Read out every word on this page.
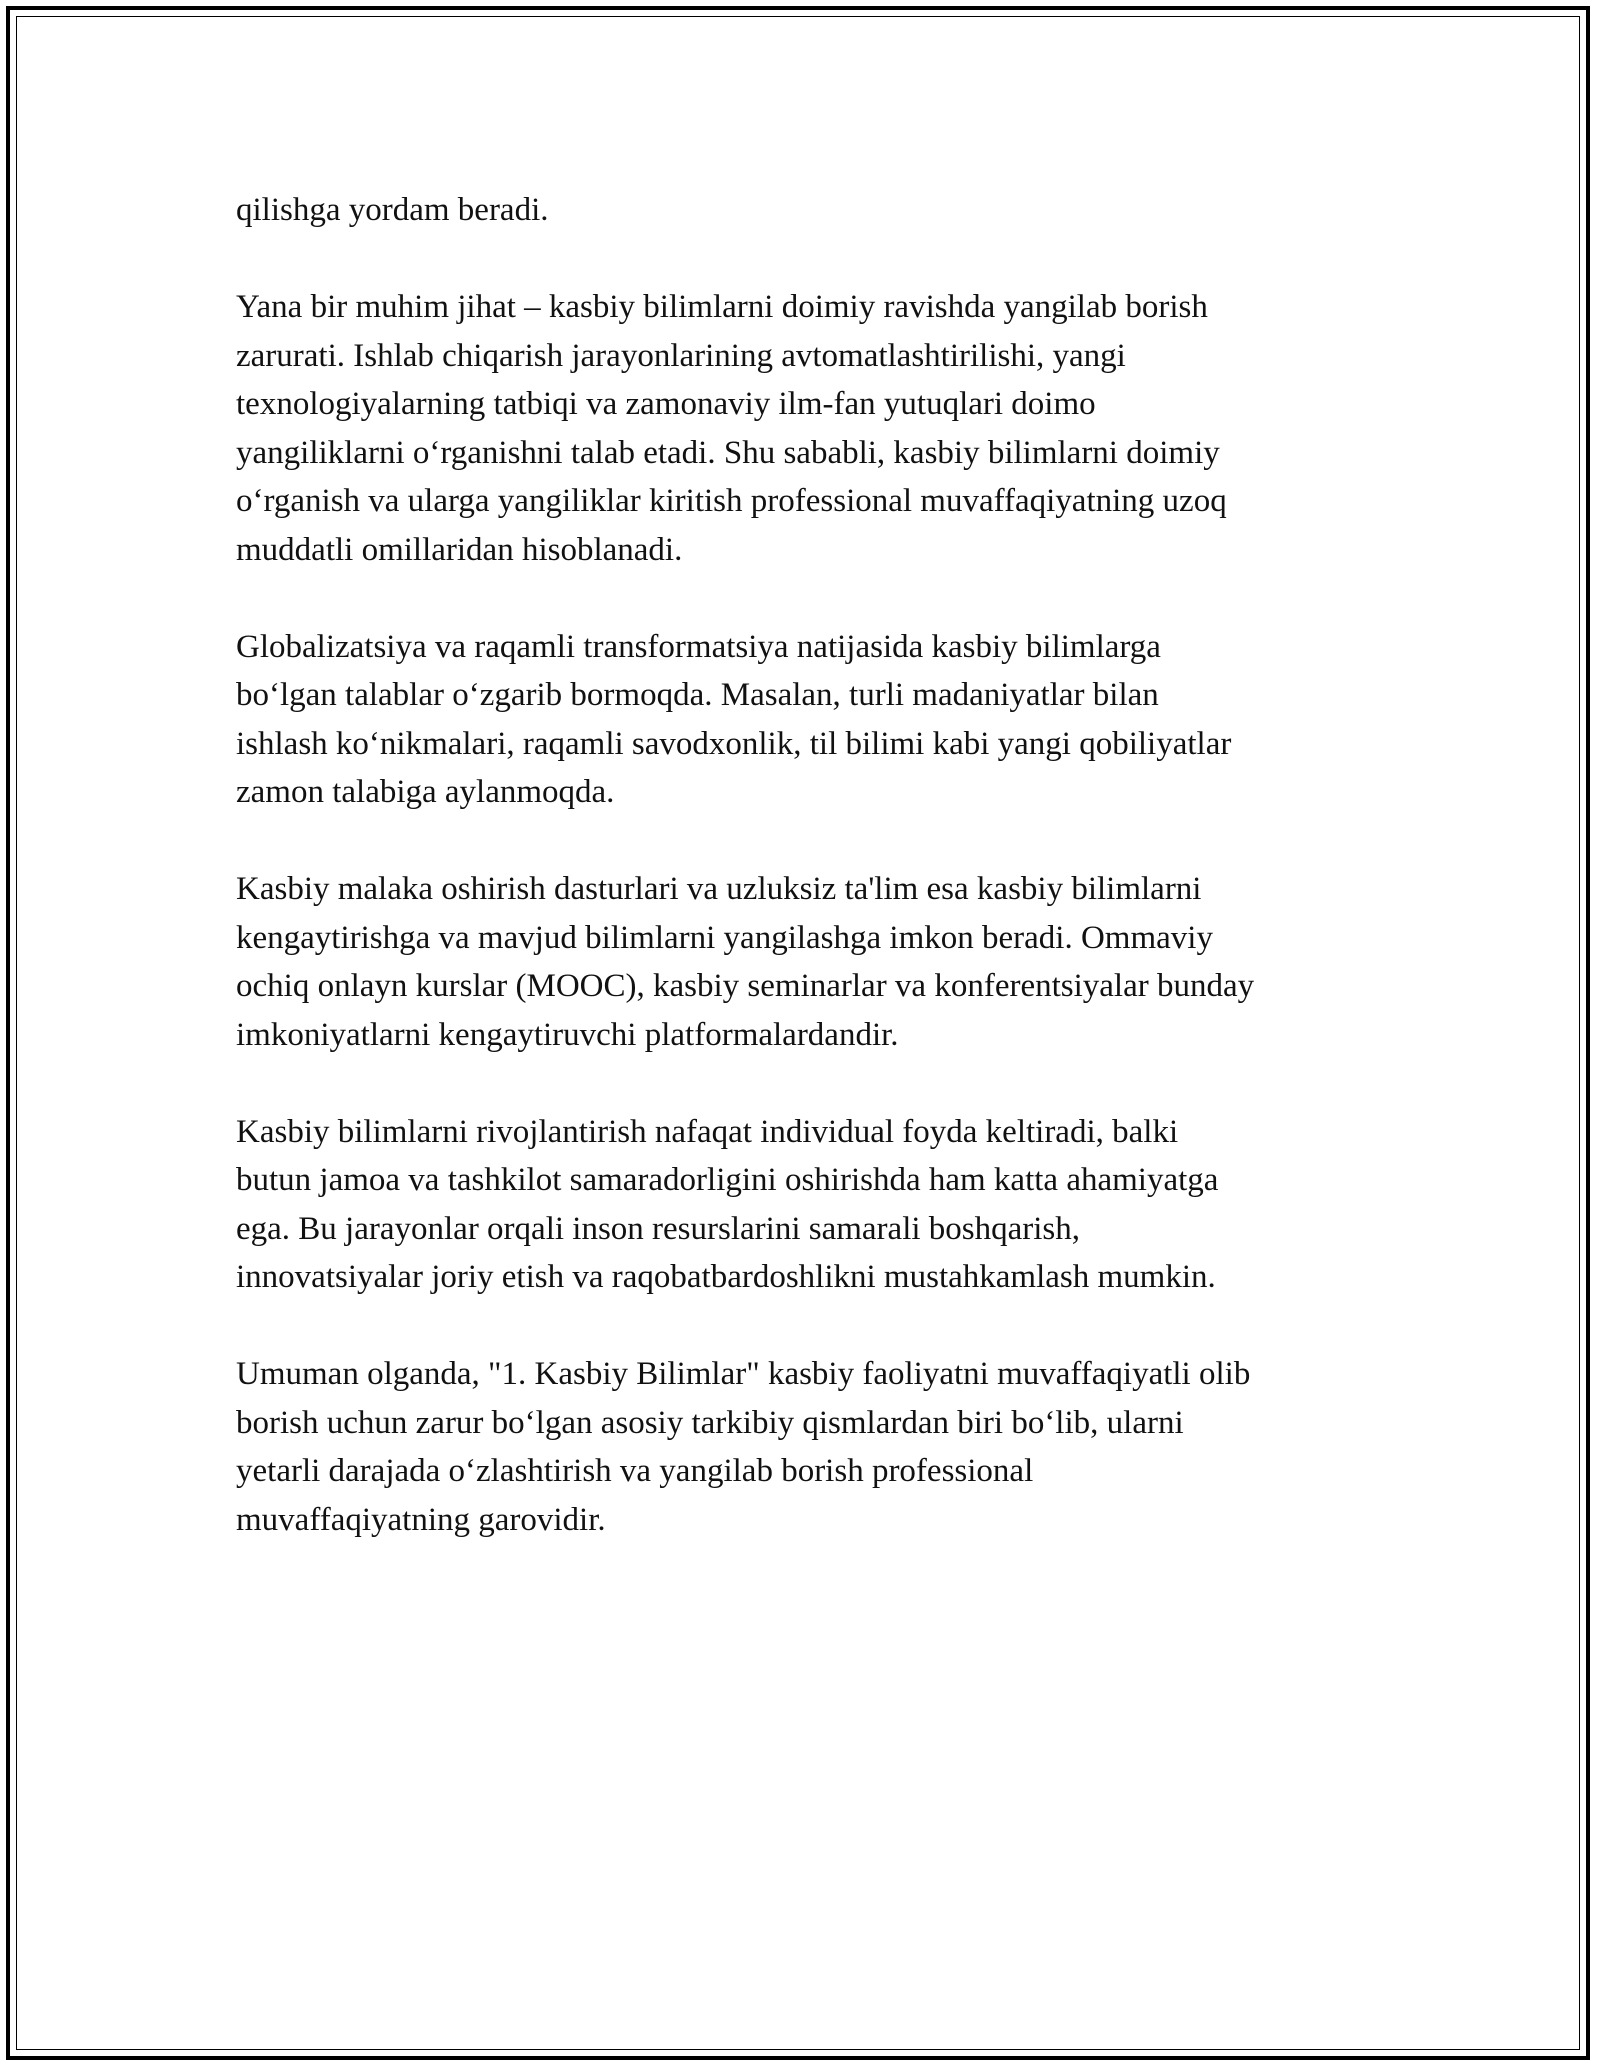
qilishga yordam beradi.

Yana bir muhim jihat – kasbiy bilimlarni doimiy ravishda yangilab borish
zarurati. Ishlab chiqarish jarayonlarining avtomatlashtirilishi, yangi
texnologiyalarning tatbiqi va zamonaviy ilm-fan yutuqlari doimo
yangiliklarni o‘rganishni talab etadi. Shu sababli, kasbiy bilimlarni doimiy
o‘rganish va ularga yangiliklar kiritish professional muvaffaqiyatning uzoq
muddatli omillaridan hisoblanadi.

Globalizatsiya va raqamli transformatsiya natijasida kasbiy bilimlarga
bo‘lgan talablar o‘zgarib bormoqda. Masalan, turli madaniyatlar bilan
ishlash ko‘nikmalari, raqamli savodxonlik, til bilimi kabi yangi qobiliyatlar
zamon talabiga aylanmoqda.

Kasbiy malaka oshirish dasturlari va uzluksiz ta'lim esa kasbiy bilimlarni
kengaytirishga va mavjud bilimlarni yangilashga imkon beradi. Ommaviy
ochiq onlayn kurslar (MOOC), kasbiy seminarlar va konferentsiyalar bunday
imkoniyatlarni kengaytiruvchi platformalardandir.

Kasbiy bilimlarni rivojlantirish nafaqat individual foyda keltiradi, balki
butun jamoa va tashkilot samaradorligini oshirishda ham katta ahamiyatga
ega. Bu jarayonlar orqali inson resurslarini samarali boshqarish,
innovatsiyalar joriy etish va raqobatbardoshlikni mustahkamlash mumkin.

Umuman olganda, "1. Kasbiy Bilimlar" kasbiy faoliyatni muvaffaqiyatli olib
borish uchun zarur bo‘lgan asosiy tarkibiy qismlardan biri bo‘lib, ularni
yetarli darajada o‘zlashtirish va yangilab borish professional
muvaffaqiyatning garovidir.
